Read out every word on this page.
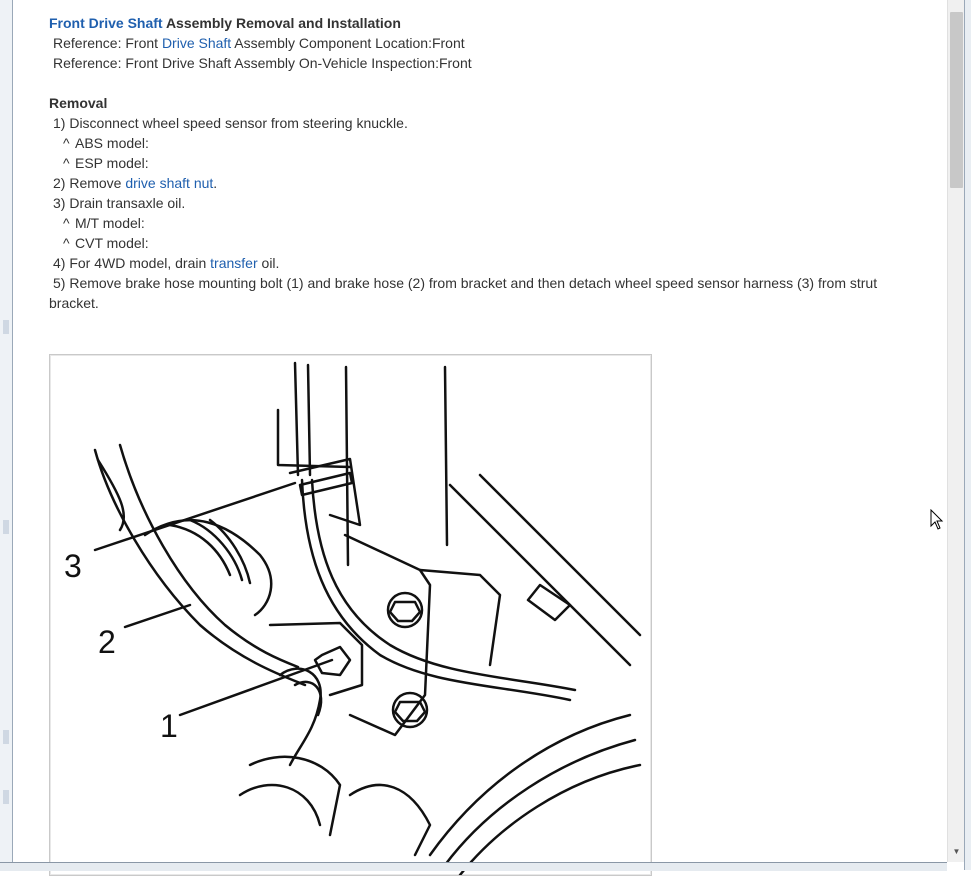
Front Drive Shaft Assembly Removal and Installation
Reference: Front Drive Shaft Assembly Component Location:Front
Reference: Front Drive Shaft Assembly On-Vehicle Inspection:Front
Removal
1) Disconnect wheel speed sensor from steering knuckle.
^ ABS model:
^ ESP model:
2) Remove drive shaft nut.
3) Drain transaxle oil.
^ M/T model:
^ CVT model:
4) For 4WD model, drain transfer oil.
5) Remove brake hose mounting bolt (1) and brake hose (2) from bracket and then detach wheel speed sensor harness (3) from strut bracket.
3
2
1
▼
